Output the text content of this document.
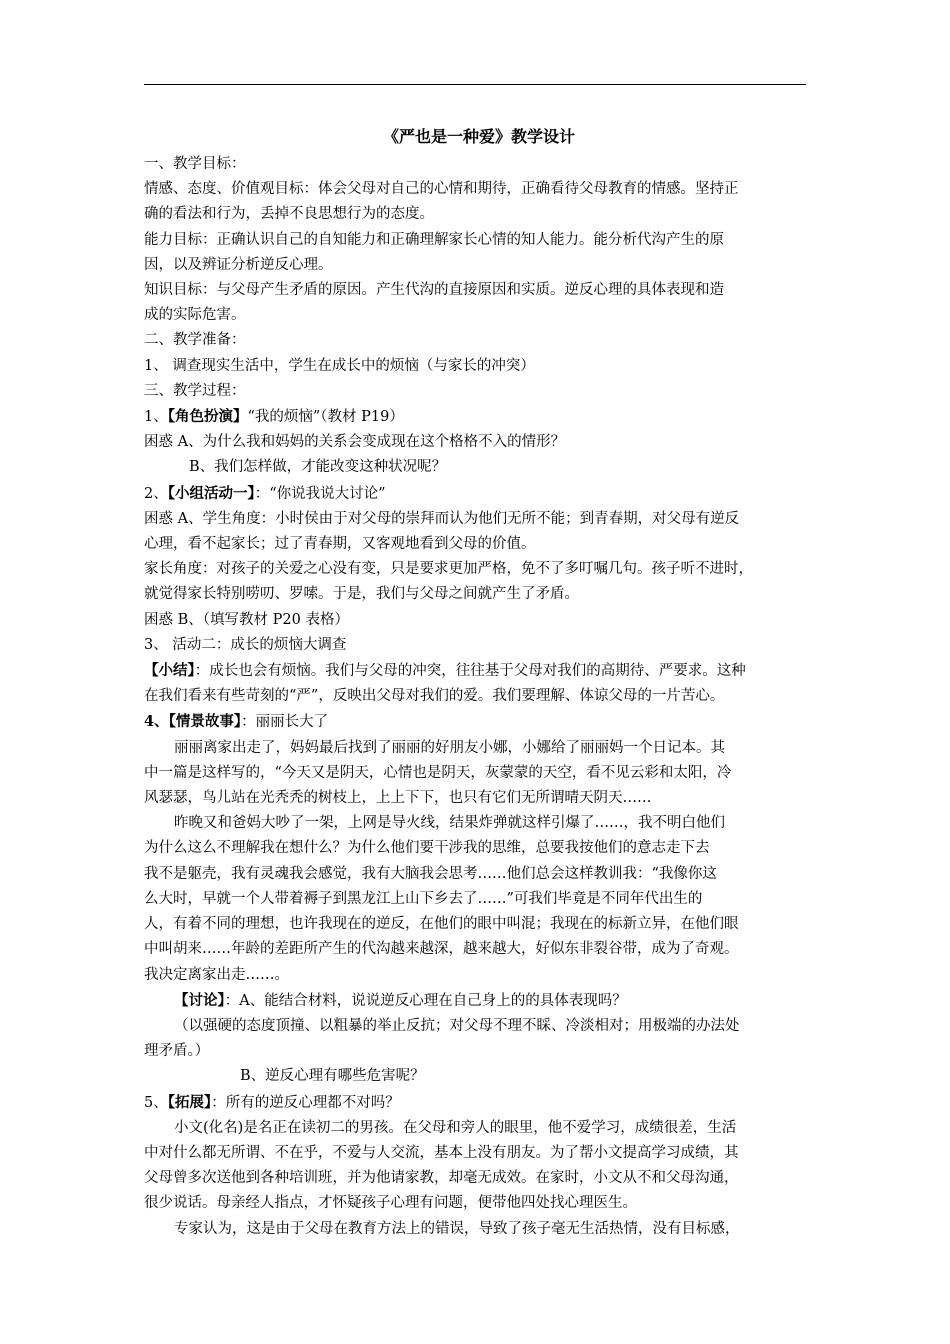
《严也是一种爱》教学设计

一、教学目标：

情感、态度、价值观目标：体会父母对自己的心情和期待，正确看待父母教育的情感。坚持正

确的看法和行为，丢掉不良思想行为的态度。

能力目标：正确认识自己的自知能力和正确理解家长心情的知人能力。能分析代沟产生的原

因，以及辨证分析逆反心理。

知识目标：与父母产生矛盾的原因。产生代沟的直接原因和实质。逆反心理的具体表现和造

成的实际危害。

二、教学准备：

1、 调查现实生活中，学生在成长中的烦恼（与家长的冲突）

三、教学过程：

1、【角色扮演】“我的烦恼”（教材 P19）

困惑 A、为什么我和妈妈的关系会变成现在这个格格不入的情形？

B、我们怎样做，才能改变这种状况呢？

2、【小组活动一】：“你说我说大讨论”

困惑 A、学生角度：小时侯由于对父母的崇拜而认为他们无所不能；到青春期，对父母有逆反

心理，看不起家长；过了青春期，又客观地看到父母的价值。

家长角度：对孩子的关爱之心没有变，只是要求更加严格，免不了多叮嘱几句。孩子听不进时，

就觉得家长特别唠叨、罗嗦。于是，我们与父母之间就产生了矛盾。

困惑 B、（填写教材 P20 表格）

3、 活动二：成长的烦恼大调查

【小结】：成长也会有烦恼。我们与父母的冲突，往往基于父母对我们的高期待、严要求。这种

在我们看来有些苛刻的“严”，反映出父母对我们的爱。我们要理解、体谅父母的一片苦心。

4、【情景故事】：丽丽长大了

丽丽离家出走了，妈妈最后找到了丽丽的好朋友小娜，小娜给了丽丽妈一个日记本。其

中一篇是这样写的，“今天又是阴天，心情也是阴天，灰蒙蒙的天空，看不见云彩和太阳，冷

风瑟瑟，鸟儿站在光秃秃的树枝上，上上下下，也只有它们无所谓晴天阴天……

昨晚又和爸妈大吵了一架，上网是导火线，结果炸弹就这样引爆了……，我不明白他们

为什么这么不理解我在想什么？为什么他们要干涉我的思维，总要我按他们的意志走下去

我不是躯壳，我有灵魂我会感觉，我有大脑我会思考……他们总会这样教训我：“我像你这

么大时，早就一个人带着褥子到黑龙江上山下乡去了……”可我们毕竟是不同年代出生的

人，有着不同的理想，也许我现在的逆反，在他们的眼中叫混；我现在的标新立异，在他们眼

中叫胡来……年龄的差距所产生的代沟越来越深，越来越大，好似东非裂谷带，成为了奇观。

我决定离家出走……。

【讨论】：A、能结合材料，说说逆反心理在自己身上的的具体表现吗？

（以强硬的态度顶撞、以粗暴的举止反抗；对父母不理不睬、冷淡相对；用极端的办法处

理矛盾。）

B、逆反心理有哪些危害呢？

5、【拓展】：所有的逆反心理都不对吗？

小文(化名)是名正在读初二的男孩。在父母和旁人的眼里，他不爱学习，成绩很差，生活

中对什么都无所谓、不在乎，不爱与人交流，基本上没有朋友。为了帮小文提高学习成绩，其

父母曾多次送他到各种培训班，并为他请家教，却毫无成效。在家时，小文从不和父母沟通，

很少说话。母亲经人指点，才怀疑孩子心理有问题，便带他四处找心理医生。

专家认为，这是由于父母在教育方法上的错误，导致了孩子毫无生活热情，没有目标感，
